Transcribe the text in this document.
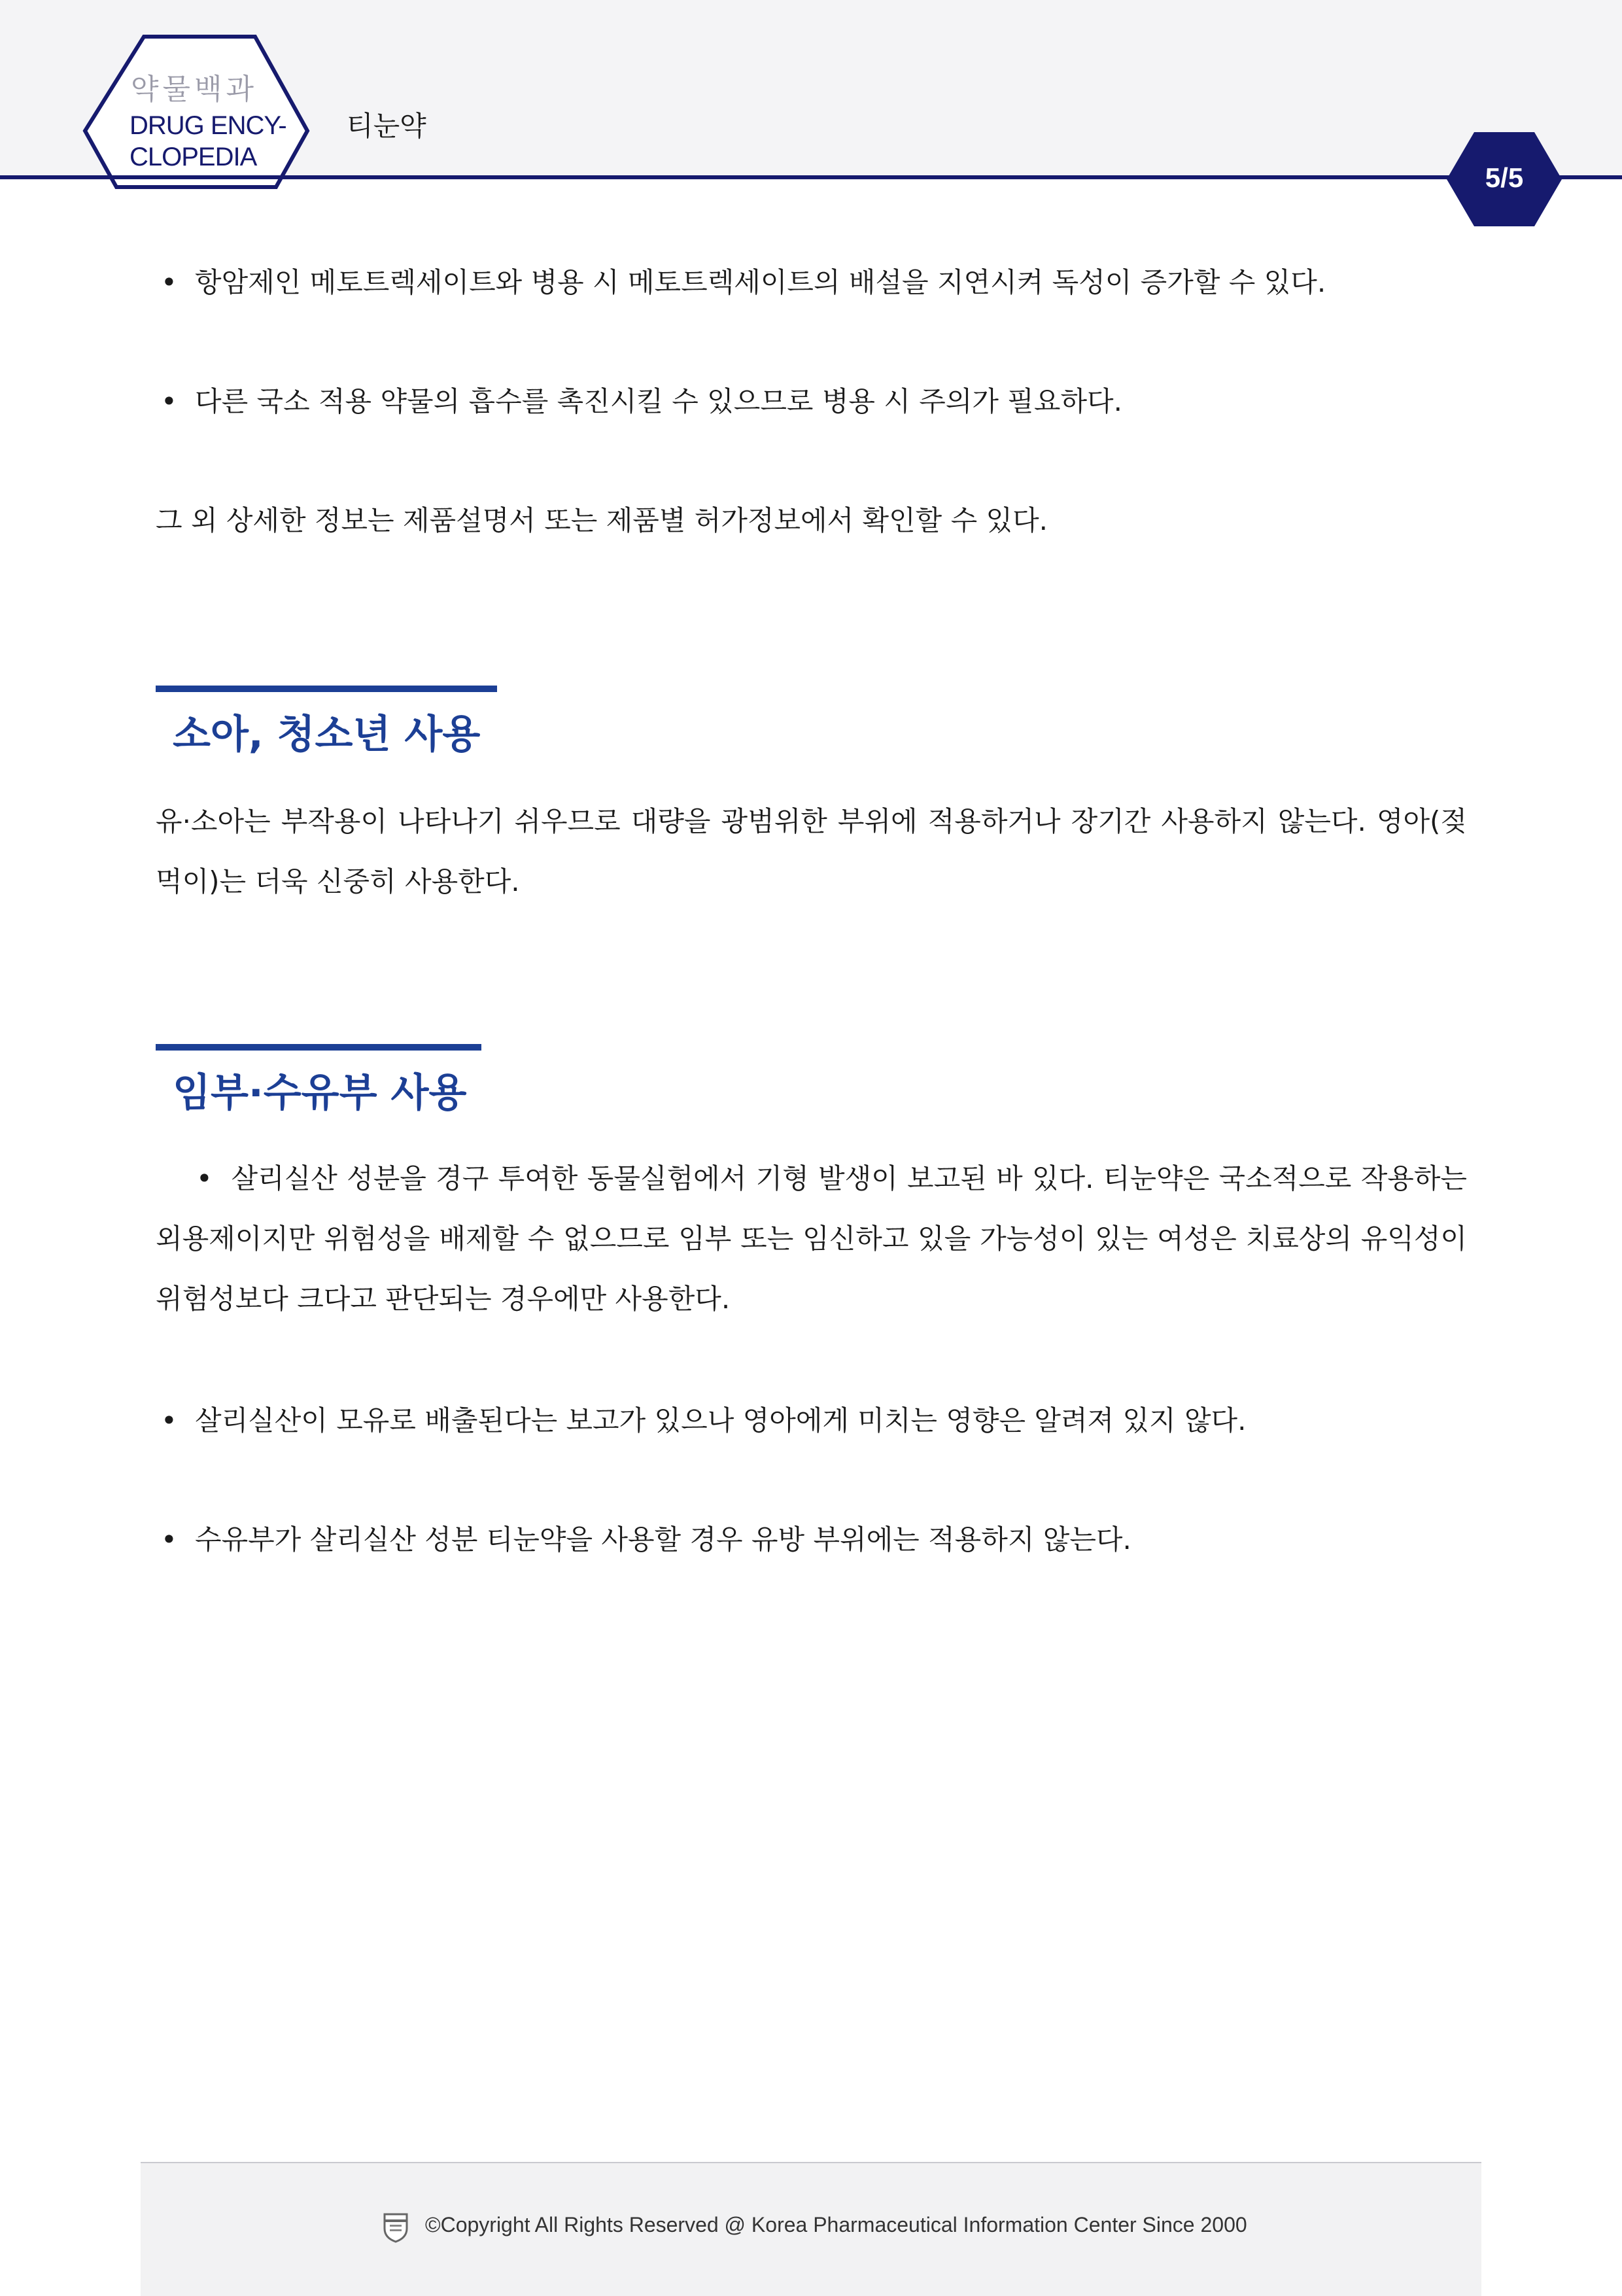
약물백과
DRUG ENCY-
CLOPEDIA
티눈약
5/5
• 항암제인 메토트렉세이트와 병용 시 메토트렉세이트의 배설을 지연시켜 독성이 증가할 수 있다.
• 다른 국소 적용 약물의 흡수를 촉진시킬 수 있으므로 병용 시 주의가 필요하다.
그 외 상세한 정보는 제품설명서 또는 제품별 허가정보에서 확인할 수 있다.
소아, 청소년 사용
유·소아는 부작용이 나타나기 쉬우므로 대량을 광범위한 부위에 적용하거나 장기간 사용하지 않는다. 영아(젖먹이)는 더욱 신중히 사용한다.
임부·수유부 사용
• 살리실산 성분을 경구 투여한 동물실험에서 기형 발생이 보고된 바 있다. 티눈약은 국소적으로 작용하는 외용제이지만 위험성을 배제할 수 없으므로 임부 또는 임신하고 있을 가능성이 있는 여성은 치료상의 유익성이 위험성보다 크다고 판단되는 경우에만 사용한다.
• 살리실산이 모유로 배출된다는 보고가 있으나 영아에게 미치는 영향은 알려져 있지 않다.
• 수유부가 살리실산 성분 티눈약을 사용할 경우 유방 부위에는 적용하지 않는다.
©Copyright All Rights Reserved @ Korea Pharmaceutical Information Center Since 2000
